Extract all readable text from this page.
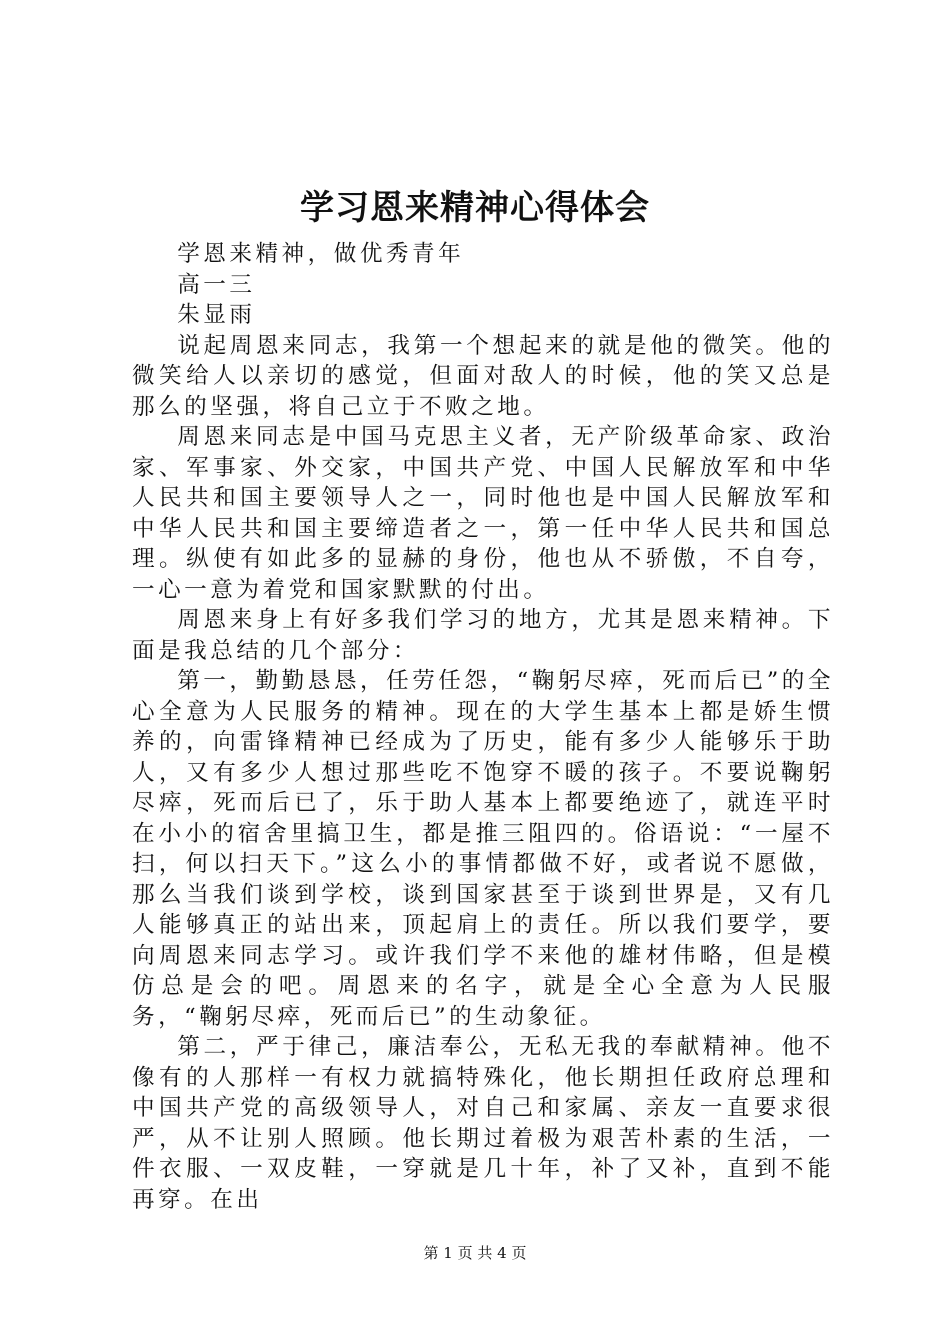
学习恩来精神心得体会

学恩来精神，做优秀青年

高一三

朱显雨

说起周恩来同志，我第一个想起来的就是他的微笑。他的微笑给人以亲切的感觉，但面对敌人的时候，他的笑又总是那么的坚强，将自己立于不败之地。

周恩来同志是中国马克思主义者，无产阶级革命家、政治家、军事家、外交家，中国共产党、中国人民解放军和中华人民共和国主要领导人之一，同时他也是中国人民解放军和中华人民共和国主要缔造者之一，第一任中华人民共和国总理。纵使有如此多的显赫的身份，他也从不骄傲，不自夸，一心一意为着党和国家默默的付出。

周恩来身上有好多我们学习的地方，尤其是恩来精神。下面是我总结的几个部分：

第一，勤勤恳恳，任劳任怨，“鞠躬尽瘁，死而后已”的全心全意为人民服务的精神。现在的大学生基本上都是娇生惯养的，向雷锋精神已经成为了历史，能有多少人能够乐于助人，又有多少人想过那些吃不饱穿不暖的孩子。不要说鞠躬尽瘁，死而后已了，乐于助人基本上都要绝迹了，就连平时在小小的宿舍里搞卫生，都是推三阻四的。俗语说：“一屋不扫，何以扫天下。”这么小的事情都做不好，或者说不愿做，那么当我们谈到学校，谈到国家甚至于谈到世界是，又有几人能够真正的站出来，顶起肩上的责任。所以我们要学，要向周恩来同志学习。或许我们学不来他的雄材伟略，但是模仿总是会的吧。周恩来的名字，就是全心全意为人民服务，“鞠躬尽瘁，死而后已”的生动象征。

第二，严于律己，廉洁奉公，无私无我的奉献精神。他不像有的人那样一有权力就搞特殊化，他长期担任政府总理和中国共产党的高级领导人，对自己和家属、亲友一直要求很严，从不让别人照顾。他长期过着极为艰苦朴素的生活，一件衣服、一双皮鞋，一穿就是几十年，补了又补，直到不能再穿。在出

第 1 页 共 4 页
